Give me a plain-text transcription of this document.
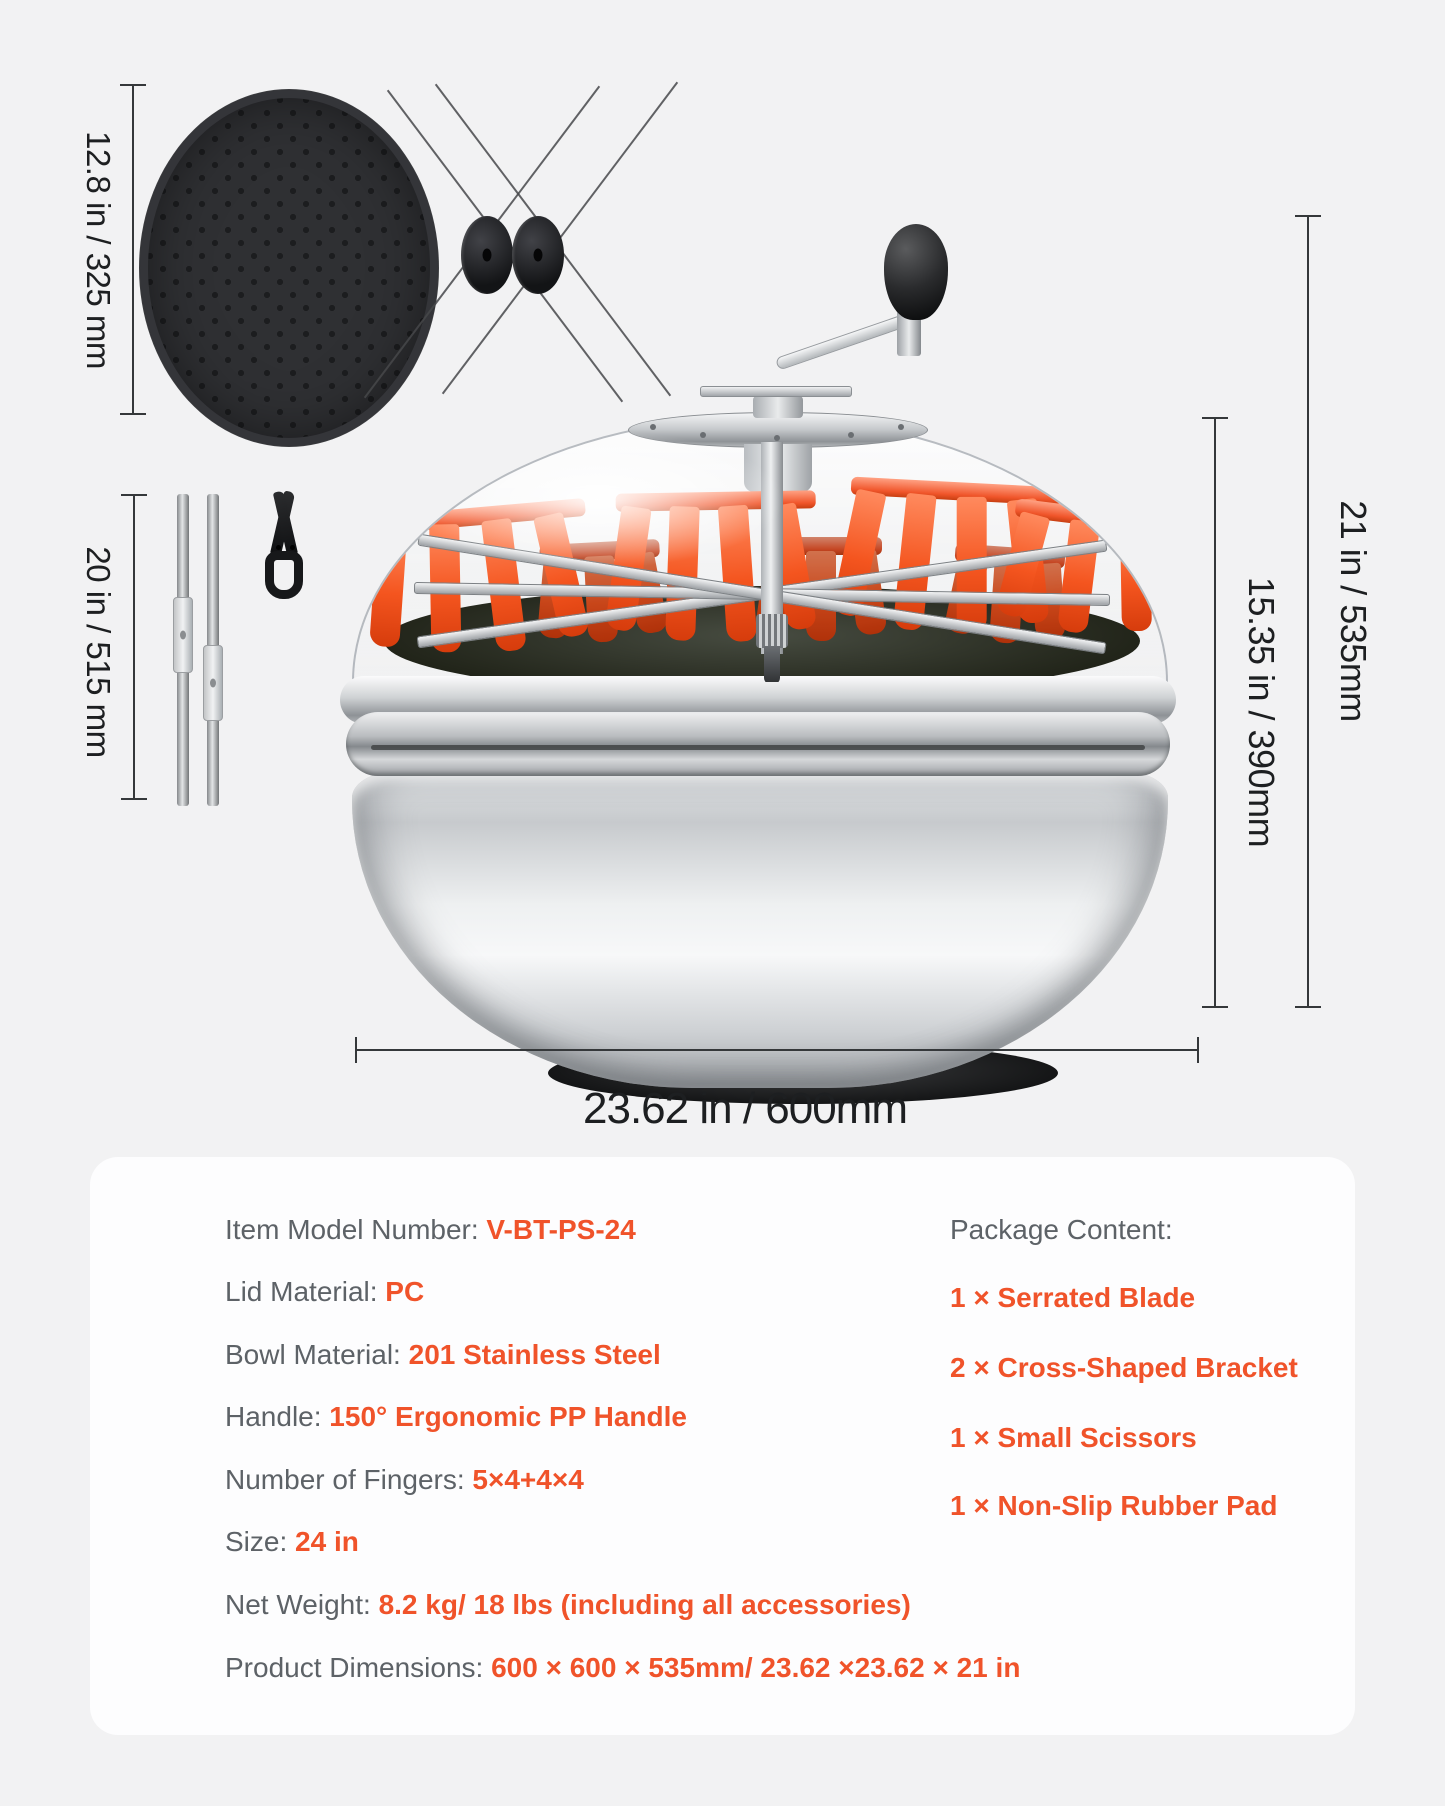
12.8 in / 325 mm
20 in / 515 mm	15.35 in / 390mm 21 in / 535mm
23.62 in / 600mm

Item Model Number: V-BT-PS-24

Lid Material: PC

Bowl Material: 201 Stainless Steel

Handle: 150° Ergonomic PP Handle

Number of Fingers: 5×4+4×4

Size: 24 in

Net Weight: 8.2 kg/ 18 lbs (including all accessories)

Product Dimensions: 600 × 600 × 535mm/ 23.62 ×23.62 × 21 in

Package Content:

1 × Serrated Blade

2 × Cross-Shaped Bracket

1 × Small Scissors

1 × Non-Slip Rubber Pad
